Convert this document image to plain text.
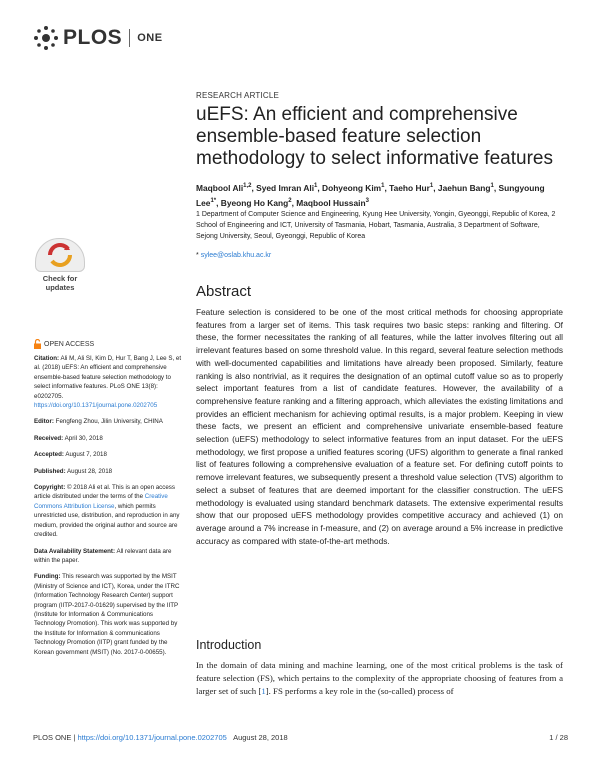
PLOS ONE
RESEARCH ARTICLE
uEFS: An efficient and comprehensive ensemble-based feature selection methodology to select informative features
Maqbool Ali$^{1,2}$, Syed Imran Ali$^1$, Dohyeong Kim$^1$, Taeho Hur$^1$, Jaehun Bang$^1$, Sungyoung Lee$^{1*}$, Byeong Ho Kang$^2$, Maqbool Hussain$^3$
1 Department of Computer Science and Engineering, Kyung Hee University, Yongin, Gyeonggi, Republic of Korea, 2 School of Engineering and ICT, University of Tasmania, Hobart, Tasmania, Australia, 3 Department of Software, Sejong University, Seoul, Gyeonggi, Republic of Korea
* sylee@oslab.khu.ac.kr
Check for updates
OPEN ACCESS

Citation: Ali M, Ali SI, Kim D, Hur T, Bang J, Lee S, et al. (2018) uEFS: An efficient and comprehensive ensemble-based feature selection methodology to select informative features. PLoS ONE 13(8): e0202705. https://doi.org/10.1371/journal.pone.0202705

Editor: Fengfeng Zhou, Jilin University, CHINA

Received: April 30, 2018

Accepted: August 7, 2018

Published: August 28, 2018

Copyright: © 2018 Ali et al. This is an open access article distributed under the terms of the Creative Commons Attribution License, which permits unrestricted use, distribution, and reproduction in any medium, provided the original author and source are credited.

Data Availability Statement: All relevant data are within the paper.

Funding: This research was supported by the MSIT (Ministry of Science and ICT), Korea, under the ITRC (Information Technology Research Center) support program (IITP-2017-0-01629) supervised by the IITP (Institute for Information & Communications Technology Promotion). This work was supported by the Institute for Information & communications Technology Promotion (IITP) grant funded by the Korean government (MSIT) (No. 2017-0-00655).

Abstract
Feature selection is considered to be one of the most critical methods for choosing appropriate features from a larger set of items. This task requires two basic steps: ranking and filtering. Of these, the former necessitates the ranking of all features, while the latter involves filtering out all irrelevant features based on some threshold value. In this regard, several feature selection methods with well-documented capabilities and limitations have already been proposed. Similarly, feature ranking is also nontrivial, as it requires the designation of an optimal cutoff value so as to properly select important features from a list of candidate features. However, the availability of a comprehensive feature ranking and a filtering approach, which alleviates the existing limitations and provides an efficient mechanism for achieving optimal results, is a major problem. Keeping in view these facts, we present an efficient and comprehensive univariate ensemble-based feature selection (uEFS) methodology to select informative features from an input dataset. For the uEFS methodology, we first propose a unified features scoring (UFS) algorithm to generate a final ranked list of features following a comprehensive evaluation of a feature set. For defining cutoff points to remove irrelevant features, we subsequently present a threshold value selection (TVS) algorithm to select a subset of features that are deemed important for the classifier construction. The uEFS methodology is evaluated using standard benchmark datasets. The extensive experimental results show that our proposed uEFS methodology provides competitive accuracy and achieved (1) on average around a 7% increase in f-measure, and (2) on average around a 5% increase in predictive accuracy as compared with state-of-the-art methods.
Introduction
In the domain of data mining and machine learning, one of the most critical problems is the task of feature selection (FS), which pertains to the complexity of the appropriate choosing of features from a larger set of such [1]. FS performs a key role in the (so-called) process of
PLOS ONE | https://doi.org/10.1371/journal.pone.0202705 August 28, 2018	1 / 28
